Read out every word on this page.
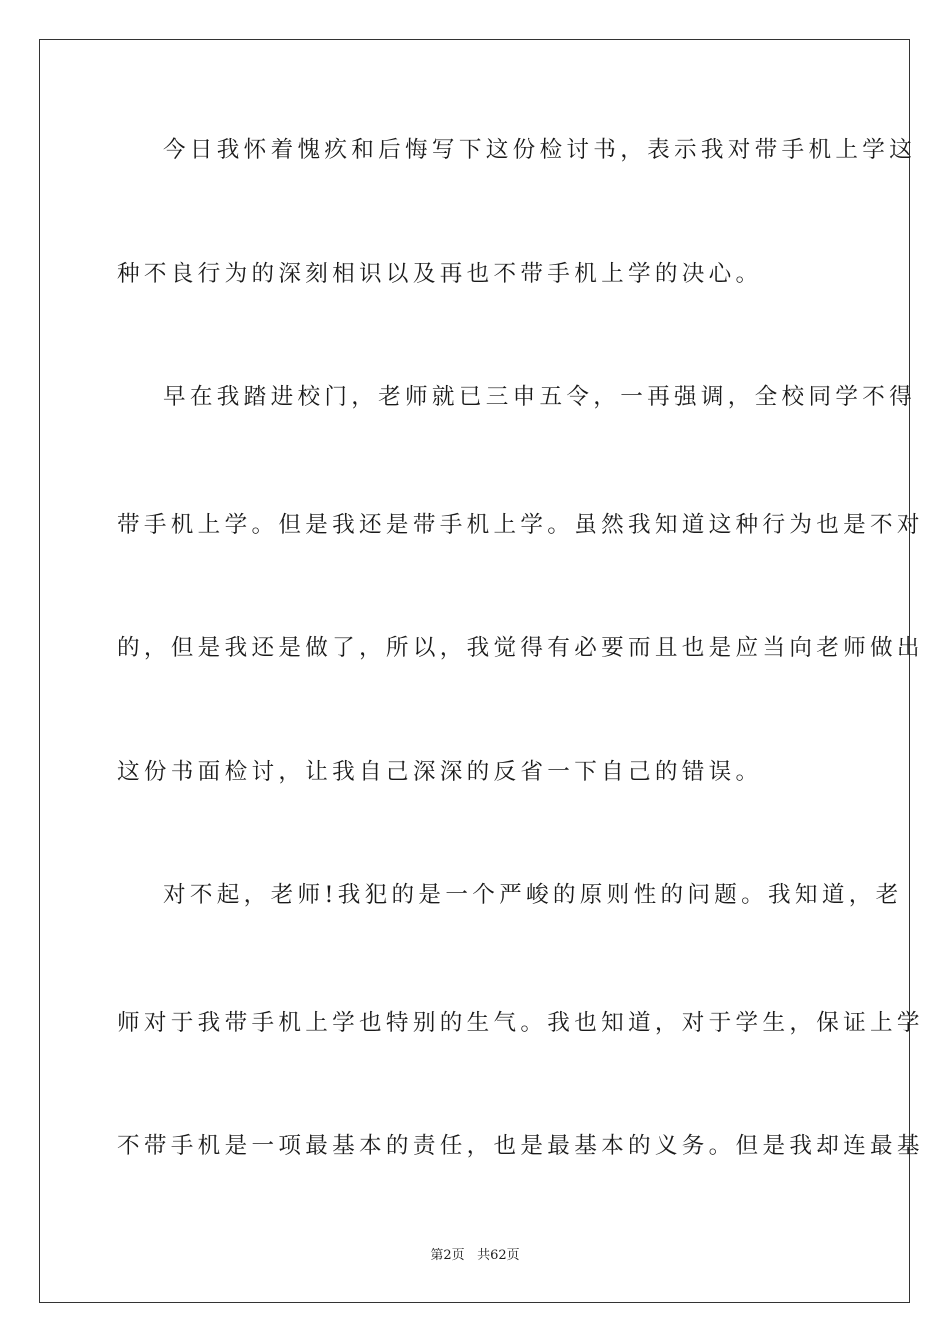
今日我怀着愧疚和后悔写下这份检讨书，表示我对带手机上学这
种不良行为的深刻相识以及再也不带手机上学的决心。
早在我踏进校门，老师就已三申五令，一再强调，全校同学不得
带手机上学。但是我还是带手机上学。虽然我知道这种行为也是不对
的，但是我还是做了，所以，我觉得有必要而且也是应当向老师做出
这份书面检讨，让我自己深深的反省一下自己的错误。
对不起，老师!我犯的是一个严峻的原则性的问题。我知道，老
师对于我带手机上学也特别的生气。我也知道，对于学生，保证上学
不带手机是一项最基本的责任，也是最基本的义务。但是我却连最基
第2页 共62页
